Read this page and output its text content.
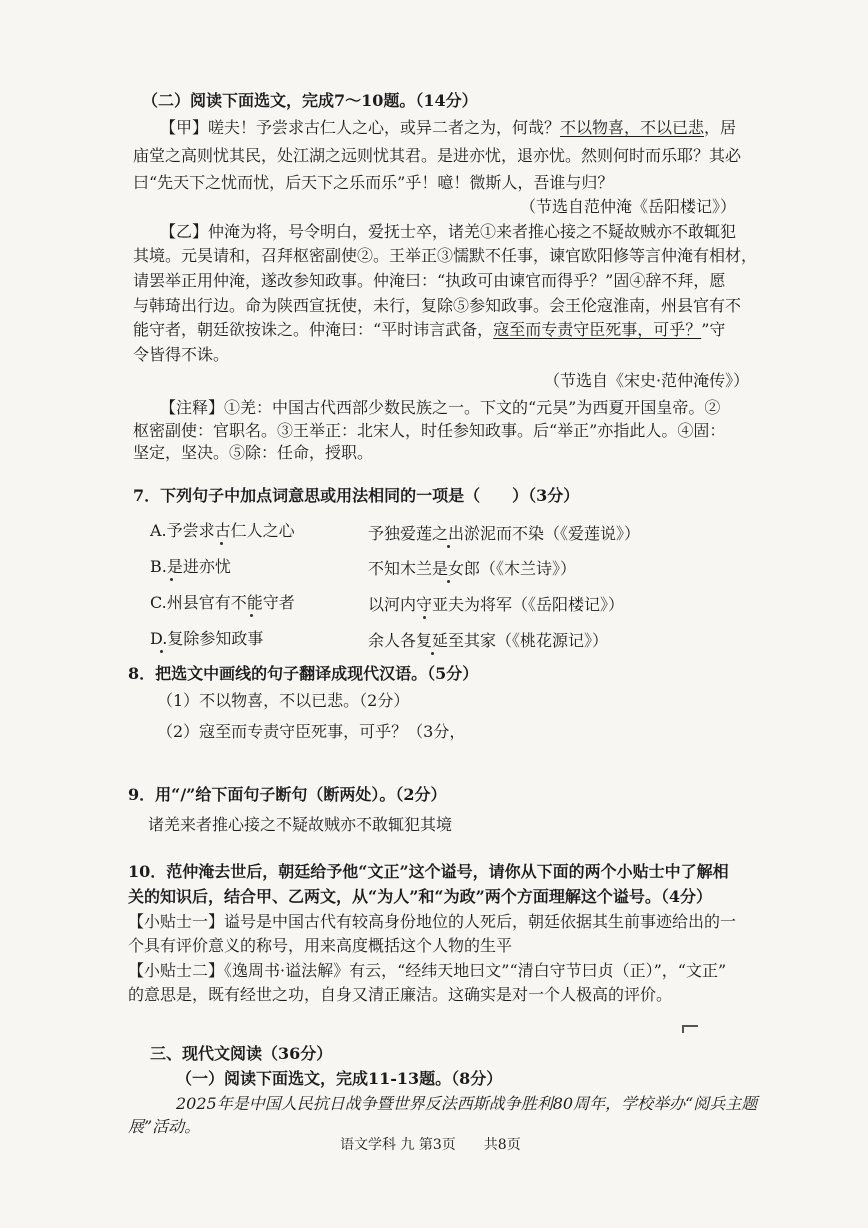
（二）阅读下面选文，完成7～10题。（14分）
【甲】嗟夫！予尝求古仁人之心，或异二者之为，何哉？不以物喜，不以已悲，居
庙堂之高则忧其民，处江湖之远则忧其君。是进亦忧，退亦忧。然则何时而乐耶？其必
曰“先天下之忧而忧，后天下之乐而乐”乎！噫！微斯人，吾谁与归？
（节选自范仲淹《岳阳楼记》）
【乙】仲淹为将，号令明白，爱抚士卒，诸羌①来者推心接之不疑故贼亦不敢辄犯
其境。元昊请和，召拜枢密副使②。王举正③懦默不任事，谏官欧阳修等言仲淹有相材，
请罢举正用仲淹，遂改参知政事。仲淹曰：“执政可由谏官而得乎？”固④辞不拜，愿
与韩琦出行边。命为陕西宣抚使，未行，复除⑤参知政事。会王伦寇淮南，州县官有不
能守者，朝廷欲按诛之。仲淹曰：“平时讳言武备，寇至而专责守臣死事，可乎？”守
令皆得不诛。
（节选自《宋史·范仲淹传》）
【注释】①羌：中国古代西部少数民族之一。下文的“元昊”为西夏开国皇帝。②
枢密副使：官职名。③王举正：北宋人，时任参知政事。后“举正”亦指此人。④固：
坚定，坚决。⑤除：任命，授职。
7．下列句子中加点词意思或用法相同的一项是（　　）（3分）
A.予尝求古仁人之心	予独爱莲之出淤泥而不染（《爱莲说》）
B.是进亦忧	不知木兰是女郎（《木兰诗》）
C.州县官有不能守者	以河内守亚夫为将军（《岳阳楼记》）
D.复除参知政事	余人各复延至其家（《桃花源记》）
8．把选文中画线的句子翻译成现代汉语。（5分）
（1）不以物喜，不以已悲。（2分）
（2）寇至而专责守臣死事，可乎？（3分，
9．用“/”给下面句子断句（断两处）。（2分）
诸羌来者推心接之不疑故贼亦不敢辄犯其境
10．范仲淹去世后，朝廷给予他“文正”这个谥号，请你从下面的两个小贴士中了解相
关的知识后，结合甲、乙两文，从“为人”和“为政”两个方面理解这个谥号。（4分）
【小贴士一】谥号是中国古代有较高身份地位的人死后，朝廷依据其生前事迹给出的一
个具有评价意义的称号，用来高度概括这个人物的生平
【小贴士二】《逸周书·谥法解》有云，“经纬天地曰文”“清白守节曰贞（正）”，“文正”
的意思是，既有经世之功，自身又清正廉洁。这确实是对一个人极高的评价。
三、现代文阅读（36分）
（一）阅读下面选文，完成11-13题。（8分）
2025年是中国人民抗日战争暨世界反法西斯战争胜利80周年，学校举办“阅兵主题
展”活动。
语文学科 九 第3页　　共8页
